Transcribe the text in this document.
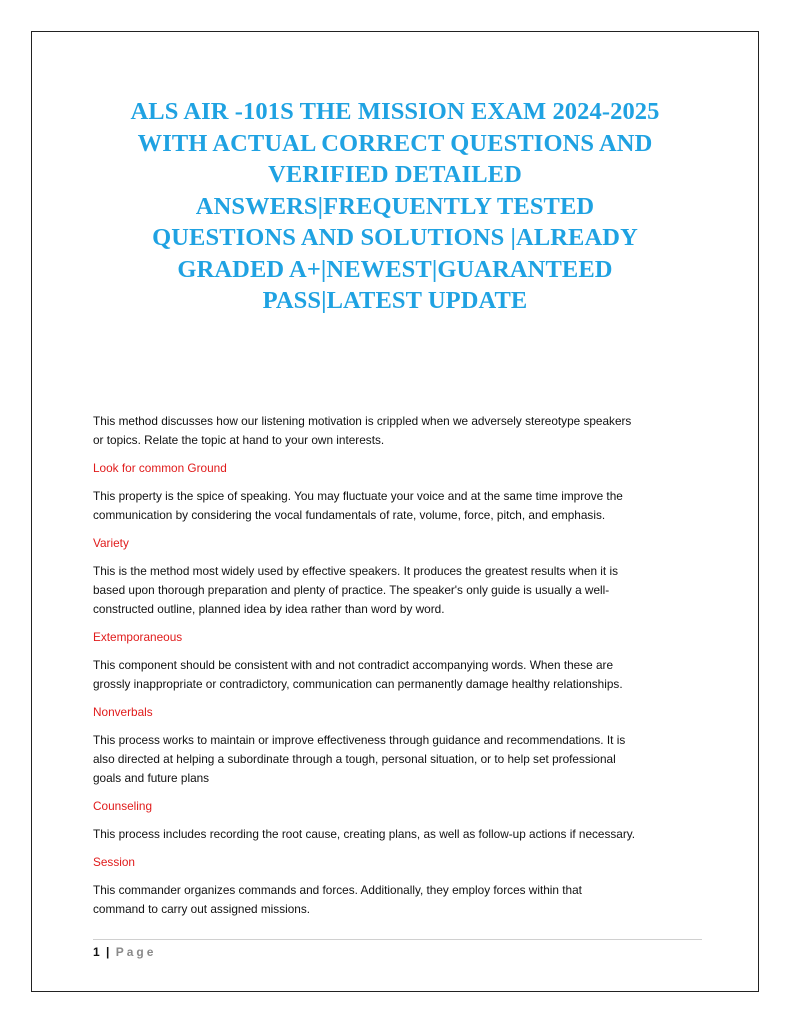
ALS AIR -101S THE MISSION EXAM 2024-2025
WITH ACTUAL CORRECT QUESTIONS AND
VERIFIED DETAILED
ANSWERS|FREQUENTLY TESTED
QUESTIONS AND SOLUTIONS |ALREADY
GRADED A+|NEWEST|GUARANTEED
PASS|LATEST UPDATE

This method discusses how our listening motivation is crippled when we adversely stereotype speakers
or topics. Relate the topic at hand to your own interests.

Look for common Ground

This property is the spice of speaking. You may fluctuate your voice and at the same time improve the
communication by considering the vocal fundamentals of rate, volume, force, pitch, and emphasis.

Variety

This is the method most widely used by effective speakers. It produces the greatest results when it is
based upon thorough preparation and plenty of practice. The speaker's only guide is usually a well-
constructed outline, planned idea by idea rather than word by word.

Extemporaneous

This component should be consistent with and not contradict accompanying words. When these are
grossly inappropriate or contradictory, communication can permanently damage healthy relationships.

Nonverbals

This process works to maintain or improve effectiveness through guidance and recommendations. It is
also directed at helping a subordinate through a tough, personal situation, or to help set professional
goals and future plans

Counseling

This process includes recording the root cause, creating plans, as well as follow-up actions if necessary.

Session

This commander organizes commands and forces. Additionally, they employ forces within that
command to carry out assigned missions.

1 | Page
